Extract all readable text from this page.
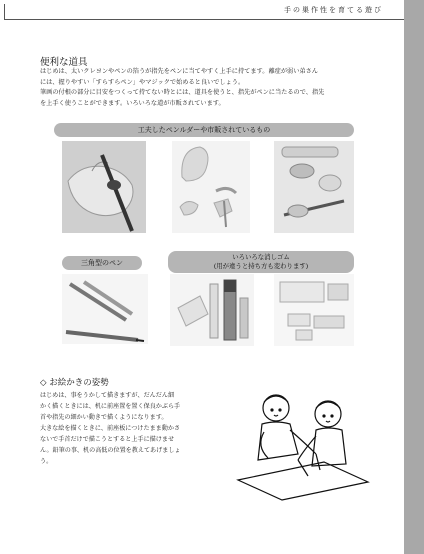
手の巣作性を育てる遊び
便利な道具
はじめは、太いクレヨンやペンの箔うが指先をペンに当てやすく上手に持てます。離症が弱い弟さん
には、握りやすい「すらすらペン」やマジックで始めると良いでしょう。
筆画の付根の部分に目安をつくって持てない時とには、道具を使うと、指先がペンに当たるので、指先
を上手く使うことができます。いろいろな道が市販されています。
工夫したペンルダーや市販されているもの
三角型のペン
いろいろな消しゴム
(用が違うと持ち方も変わります)
◇ お絵かきの姿勢
はじめは、事をうかして描きますが、だんだん細
かく描くときには、机に前座置を置く保良かぶら手
首や指先の細かい動きで描くようになります。
大きな絵を描くときに、前座板につけたまま動かさ
ないで手首だけで描こうとすると上手に描けませ
ん。鉛筆の事、机の高低の位置を教えてあげましょ
う。
